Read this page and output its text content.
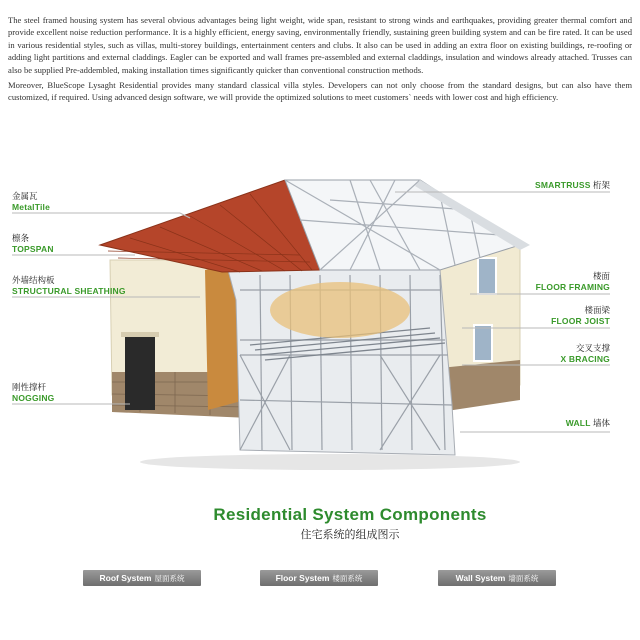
The steel framed housing system has several obvious advantages being light weight, wide span, resistant to strong winds and earthquakes, providing greater thermal comfort and provide excellent noise reduction performance. It is a highly efficient, energy saving, environmentally friendly, sustaining green building system and can be fire rated. It can be used in various residential styles, such as villas, multi-storey buildings, entertainment centers and clubs. It also can be used in adding an extra floor on existing buildings, re-roofing or adding light partitions and external claddings. Eagler can be exported and wall frames pre-assembled and external claddings, insulation and windows already attached. Trusses can also be supplied Pre-addembled, making installation times significantly quicker than conventional construction methods.

Moreover, BlueScope Lysaght Residential provides many standard classical villa styles. Developers can not only choose from the standard designs, but can also have them customized, if required. Using advanced design software, we will provide the optimized solutions to meet customers` needs with lower cost and high efficiency.

金属瓦
MetalTile
檩条
TOPSPAN
外墙结构板
STRUCTURAL SHEATHING
刚性撑杆
NOGGING
SMARTRUSS 桁架
楼面
FLOOR FRAMING
楼面梁
FLOOR JOIST
交叉支撑
X BRACING
WALL 墙体
Residential System Components
住宅系统的组成图示
Roof System 屋面系统	Floor System 楼面系统	Wall System 墙面系统
